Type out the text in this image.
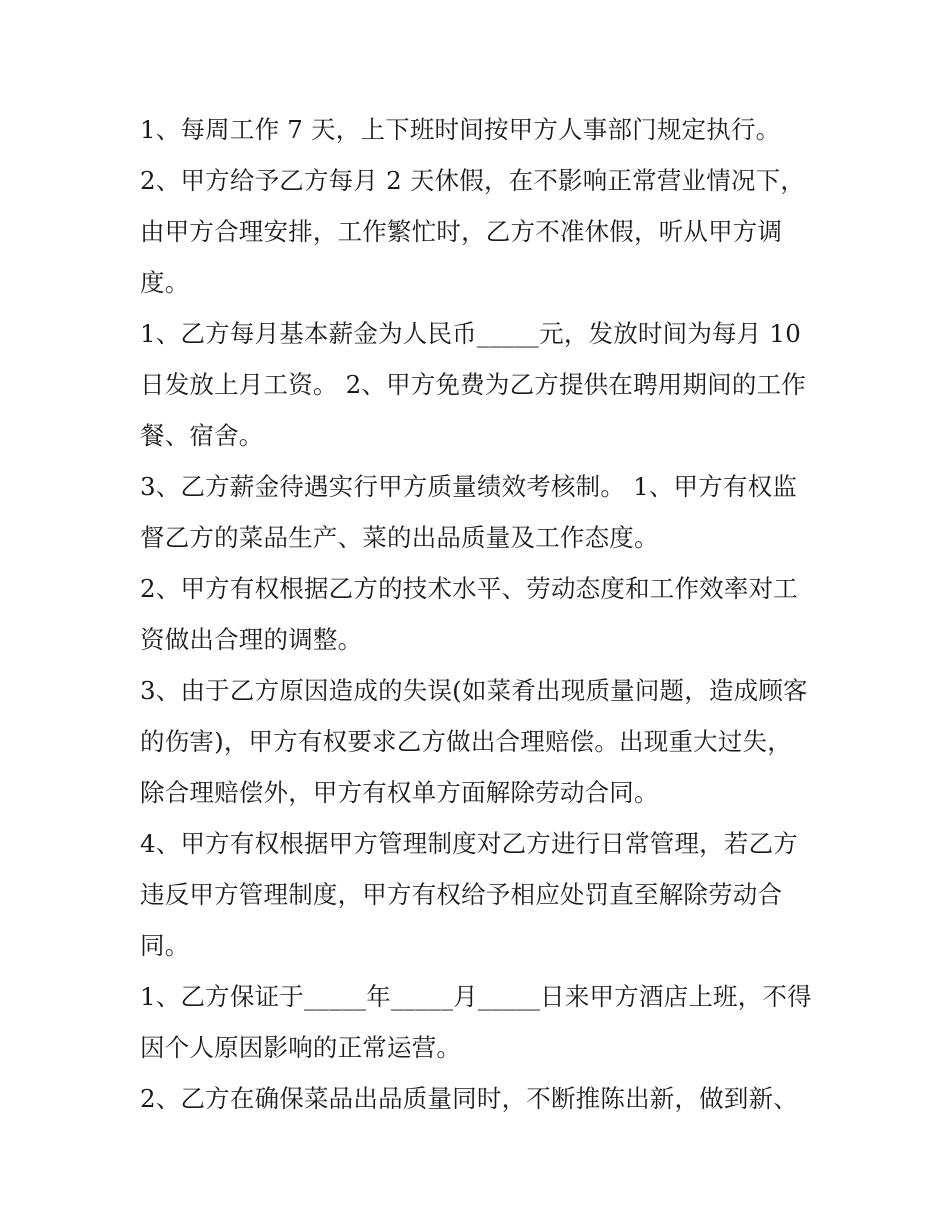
1、每周工作 7 天，上下班时间按甲方人事部门规定执行。

2、甲方给予乙方每月 2 天休假，在不影响正常营业情况下，由甲方合理安排，工作繁忙时，乙方不准休假，听从甲方调度。

1、乙方每月基本薪金为人民币_____元，发放时间为每月 10 日发放上月工资。 2、甲方免费为乙方提供在聘用期间的工作餐、宿舍。

3、乙方薪金待遇实行甲方质量绩效考核制。 1、甲方有权监督乙方的菜品生产、菜的出品质量及工作态度。

2、甲方有权根据乙方的技术水平、劳动态度和工作效率对工资做出合理的调整。

3、由于乙方原因造成的失误(如菜肴出现质量问题，造成顾客的伤害)，甲方有权要求乙方做出合理赔偿。出现重大过失，除合理赔偿外，甲方有权单方面解除劳动合同。

4、甲方有权根据甲方管理制度对乙方进行日常管理，若乙方违反甲方管理制度，甲方有权给予相应处罚直至解除劳动合同。

1、乙方保证于_____年_____月_____日来甲方酒店上班，不得因个人原因影响的正常运营。

2、乙方在确保菜品出品质量同时，不断推陈出新，做到新、
